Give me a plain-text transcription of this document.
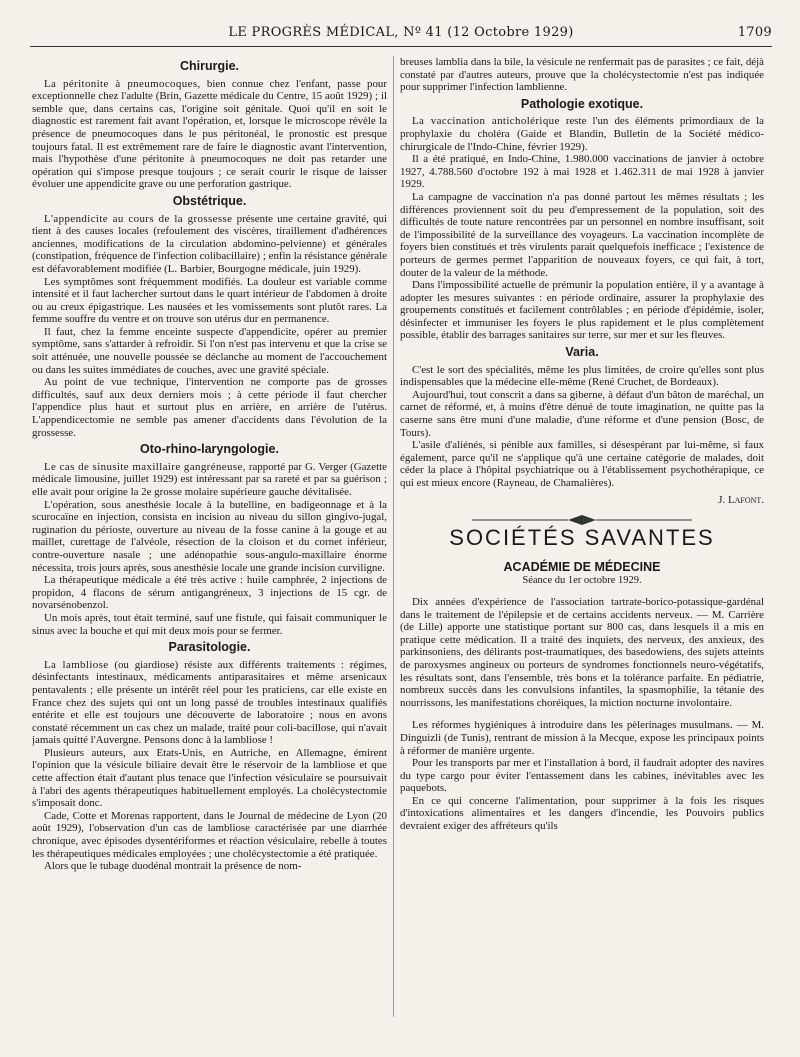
LE PROGRÈS MÉDICAL, Nº 41 (12 Octobre 1929)	1709
Chirurgie.

La péritonite à pneumocoques, bien connue chez l'enfant, passe pour exceptionnelle chez l'adulte (Brin, Gazette médicale du Centre, 15 août 1929) ; il semble que, dans certains cas, l'origine soit génitale. Quoi qu'il en soit le diagnostic est rarement fait avant l'opération, et, lorsque le microscope révèle la présence de pneumocoques dans le pus péritonéal, le pronostic est presque toujours fatal. Il est extrêmement rare de faire le diagnostic avant l'intervention, mais l'hypothèse d'une péritonite à pneumocoques ne doit pas retarder une opération qui s'impose presque toujours ; ce serait courir le risque de laisser évoluer une appendicite grave ou une perforation gastrique.

Obstétrique.

L'appendicite au cours de la grossesse présente une certaine gravité, qui tient à des causes locales (refoulement des viscères, tiraillement d'adhérences anciennes, modifications de la circulation abdomino-pelvienne) et générales (constipation, fréquence de l'infection colibacillaire) ; enfin la résistance générale est défavorablement modifiée (L. Barbier, Bourgogne médicale, juin 1929).

Les symptômes sont fréquemment modifiés. La douleur est variable comme intensité et il faut lachercher surtout dans le quart intérieur de l'abdomen à droite ou au creux épigastrique. Les nausées et les vomissements sont plutôt rares. La femme souffre du ventre et on trouve son utérus dur en permanence.

Il faut, chez la femme enceinte suspecte d'appendicite, opérer au premier symptôme, sans s'attarder à refroidir. Si l'on n'est pas intervenu et que la crise se soit atténuée, une nouvelle poussée se déclanche au moment de l'accouchement ou dans les suites immédiates de couches, avec une gravité spéciale.

Au point de vue technique, l'intervention ne comporte pas de grosses difficultés, sauf aux deux derniers mois ; à cette période il faut chercher l'appendice plus haut et surtout plus en arrière, en arrière de l'utérus. L'appendicectomie ne semble pas amener d'accidents dans l'évolution de la grossesse.

Oto-rhino-laryngologie.

Le cas de sinusite maxillaire gangréneuse, rapporté par G. Verger (Gazette médicale limousine, juillet 1929) est intéressant par sa rareté et par sa guérison ; elle avait pour origine la 2e grosse molaire supérieure gauche dévitalisée.

L'opération, sous anesthésie locale à la butelline, en badigeonnage et à la scurocaïne en injection, consista en incision au niveau du sillon gingivo-jugal, rugination du périoste, ouverture au niveau de la fosse canine à la gouge et au maillet, curettage de l'alvéole, résection de la cloison et du cornet inférieur, contre-ouverture nasale ; une adénopathie sous-angulo-maxillaire énorme nécessita, trois jours après, sous anesthésie locale une grande incision curviligne.

La thérapeutique médicale a été très active : huile camphrée, 2 injections de propidon, 4 flacons de sérum antigangréneux, 3 injections de 15 cgr. de novarsénobenzol.

Un mois après, tout était terminé, sauf une fistule, qui faisait communiquer le sinus avec la bouche et qui mit deux mois pour se fermer.

Parasitologie.

La lambliose (ou giardiose) résiste aux différents traitements : régimes, désinfectants intestinaux, médicaments antiparasitaires et même arsenicaux pentavalents ; elle présente un intérêt réel pour les praticiens, car elle existe en France chez des sujets qui ont un long passé de troubles intestinaux qualifiés entérite et elle est toujours une découverte de laboratoire ; nous en avons constaté récemment un cas chez un malade, traité pour coli-bacillose, qui n'avait jamais quitté l'Auvergne. Pensons donc à la lambliose !

Plusieurs auteurs, aux Etats-Unis, en Autriche, en Allemagne, émirent l'opinion que la vésicule biliaire devait être le réservoir de la lambliose et que cette affection était d'autant plus tenace que l'infection vésiculaire se poursuivait à l'abri des agents thérapeutiques habituellement employés. La cholécystectomie s'imposait donc.

Cade, Cotte et Morenas rapportent, dans le Journal de médecine de Lyon (20 août 1929), l'observation d'un cas de lambliose caractérisée par une diarrhée chronique, avec épisodes dysentériformes et réaction vésiculaire, rebelle à toutes les thérapeutiques médicales employées ; une cholécystectomie a été pratiquée.

Alors que le tubage duodénal montrait la présence de nom-

breuses lamblia dans la bile, la vésicule ne renfermait pas de parasites ; ce fait, déjà constaté par d'autres auteurs, prouve que la cholécystectomie n'est pas indiquée pour supprimer l'infection lamblienne.

Pathologie exotique.

La vaccination anticholérique reste l'un des éléments primordiaux de la prophylaxie du choléra (Gaide et Blandin, Bulletin de la Société médico-chirurgicale de l'Indo-Chine, février 1929).

Il a été pratiqué, en Indo-Chine, 1.980.000 vaccinations de janvier à octobre 1927, 4.788.560 d'octobre 192 à mai 1928 et 1.462.311 de mai 1928 à janvier 1929.

La campagne de vaccination n'a pas donné partout les mêmes résultats ; les différences proviennent soit du peu d'empressement de la population, soit des difficultés de toute nature rencontrées par un personnel en nombre insuffisant, soit de l'impossibilité de la surveillance des voyageurs. La vaccination incomplète de foyers bien constitués et très virulents parait quelquefois inefficace ; l'existence de porteurs de germes permet l'apparition de nouveaux foyers, ce qui fait, à tort, douter de la valeur de la méthode.

Dans l'impossibilité actuelle de prémunir la population entière, il y a avantage à adopter les mesures suivantes : en période ordinaire, assurer la prophylaxie des groupements constitués et facilement contrôlables ; en période d'épidémie, isoler, désinfecter et immuniser les foyers le plus rapidement et le plus complètement possible, établir des barrages sanitaires sur terre, sur mer et sur les fleuves.

Varia.

C'est le sort des spécialités, même les plus limitées, de croire qu'elles sont plus indispensables que la médecine elle-même (René Cruchet, de Bordeaux).

Aujourd'hui, tout conscrit a dans sa giberne, à défaut d'un bâton de maréchal, un carnet de réformé, et, à moins d'être dénué de toute imagination, ne quitte pas la caserne sans être muni d'une maladie, d'une réforme et d'une pension (Bosc, de Tours).

L'asile d'aliénés, si pénible aux familles, si désespérant par lui-même, si faux également, parce qu'il ne s'applique qu'à une certaine catégorie de malades, doit céder la place à l'hôpital psychiatrique ou à l'établissement psychothérapique, ce qui est mieux encore (Rayneau, de Chamalières).

J. Lafont.
SOCIÉTÉS SAVANTES
ACADÉMIE DE MÉDECINE
Séance du 1er octobre 1929.

Dix années d'expérience de l'association tartrate-borico-potassique-gardénal dans le traitement de l'épilepsie et de certains accidents nerveux. — M. Carrière (de Lille) apporte une statistique portant sur 800 cas, dans lesquels il a mis en pratique cette médication. Il a traité des inquiets, des nerveux, des anxieux, des parkinsoniens, des délirants post-traumatiques, des basedowiens, des sujets atteints de paroxysmes angineux ou porteurs de syndromes fonctionnels neuro-végétatifs, les résultats sont, dans l'ensemble, très bons et la tolérance parfaite. En pédiatrie, nombreux succès dans les convulsions infantiles, la spasmophilie, la tétanie des nourrissons, les manifestations choréiques, la miction nocturne involontaire.

Les réformes hygiéniques à introduire dans les pèlerinages musulmans. — M. Dinguizli (de Tunis), rentrant de mission à la Mecque, expose les principaux points à réformer de manière urgente.

Pour les transports par mer et l'installation à bord, il faudrait adopter des navires du type cargo pour éviter l'entassement dans les cabines, inévitables avec les paquebots.

En ce qui concerne l'alimentation, pour supprimer à la fois les risques d'intoxications alimentaires et les dangers d'incendie, les Pouvoirs publics devraient exiger des affréteurs qu'ils
